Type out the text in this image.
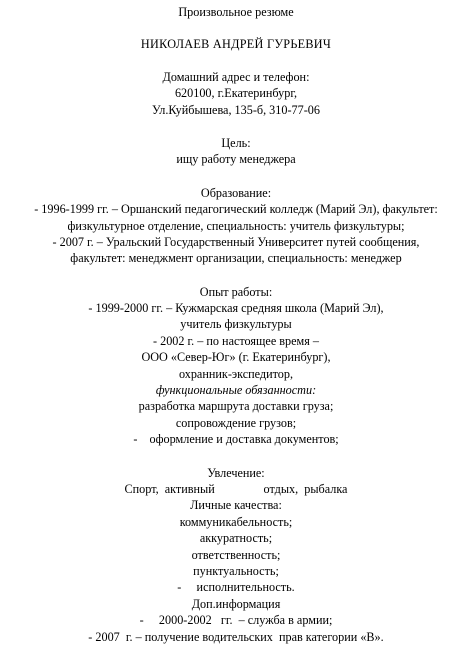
Произвольное резюме
НИКОЛАЕВ АНДРЕЙ ГУРЬЕВИЧ
Домашний адрес и телефон:
620100, г.Екатеринбург,
Ул.Куйбышева, 135-б, 310-77-06
Цель:
ищу работу менеджера
Образование:
- 1996-1999 гг. – Оршанский педагогический колледж (Марий Эл), факультет:
физкультурное отделение, специальность: учитель физкультуры;
- 2007 г. – Уральский Государственный Университет путей сообщения,
факультет: менеджмент организации, специальность: менеджер
Опыт работы:
- 1999-2000 гг. – Кужмарская средняя школа (Марий Эл),
учитель физкультуры
- 2002 г. – по настоящее время –
ООО «Север-Юг» (г. Екатеринбург),
охранник-экспедитор,
функциональные обязанности:
разработка маршрута доставки груза;
сопровождение грузов;
-    оформление и доставка документов;
Увлечение:
Спорт,  активный                отдых,  рыбалка
Личные качества:
коммуникабельность;
аккуратность;
ответственность;
пунктуальность;
-     исполнительность.
Доп.информация
-     2000-2002   гг.  – служба в армии;
- 2007  г. – получение водительских  прав категории «В».
